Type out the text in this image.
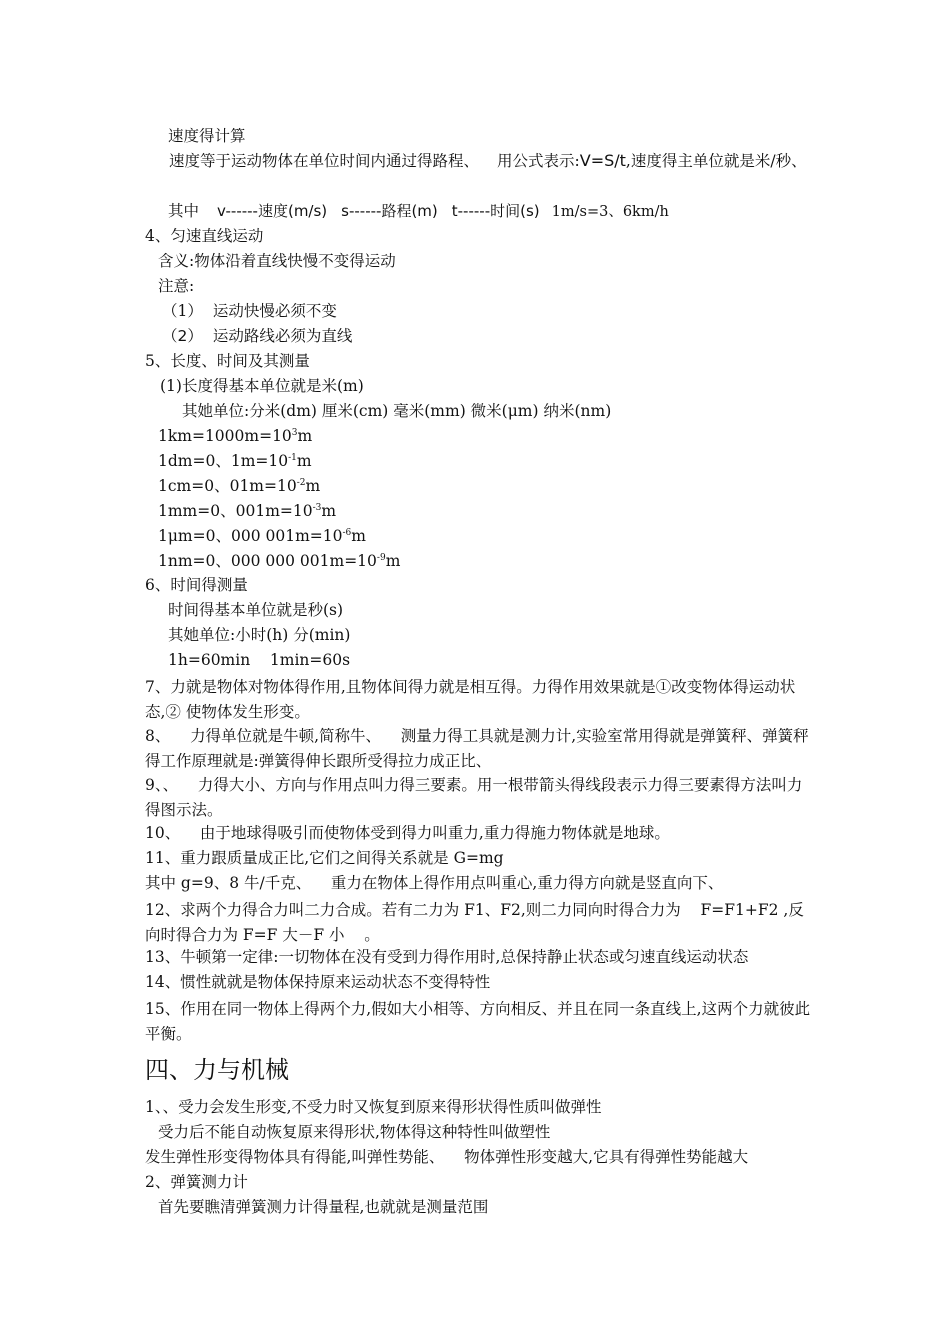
速度得计算
速度等于运动物体在单位时间内通过得路程、 用公式表示:V=S/t,速度得主单位就是米/秒、
其中 v------速度(m/s) s------路程(m) t------时间(s) 1m/s=3、6km/h
4、匀速直线运动
含义:物体沿着直线快慢不变得运动
注意:
（1） 运动快慢必须不变
（2） 运动路线必须为直线
5、长度、时间及其测量
(1)长度得基本单位就是米(m)
其她单位:分米(dm) 厘米(cm) 毫米(mm) 微米(μm) 纳米(nm)
$1km=1000m=10^3m$
1dm=0、$1m=10^{-1}m$
1cm=0、$01m=10^{-2}m$
1mm=0、$001m=10^{-3}m$
1μm=0、000 $001m=10^{-6}m$
1nm=0、000 000 $001m=10^{-9}m$
6、时间得测量
时间得基本单位就是秒(s)
其她单位:小时(h) 分(min)
1h=60min    1min=60s
7、力就是物体对物体得作用,且物体间得力就是相互得。力得作用效果就是①改变物体得运动状态,② 使物体发生形变。
8、    力得单位就是牛顿,简称牛、    测量力得工具就是测力计,实验室常用得就是弹簧秤、弹簧秤得工作原理就是:弹簧得伸长跟所受得拉力成正比、
9、、    力得大小、方向与作用点叫力得三要素。用一根带箭头得线段表示力得三要素得方法叫力得图示法。
10、    由于地球得吸引而使物体受到得力叫重力,重力得施力物体就是地球。
11、重力跟质量成正比,它们之间得关系就是 G=mg
其中 g=9、8 牛/千克、    重力在物体上得作用点叫重心,重力得方向就是竖直向下、
12、求两个力得合力叫二力合成。若有二力为 F1、F2,则二力同向时得合力为    F=F1+F2 ,反向时得合力为 F=F 大－F 小    。
13、牛顿第一定律:一切物体在没有受到力得作用时,总保持静止状态或匀速直线运动状态
14、惯性就就是物体保持原来运动状态不变得特性
15、作用在同一物体上得两个力,假如大小相等、方向相反、并且在同一条直线上,这两个力就彼此平衡。
四、力与机械
1、、受力会发生形变,不受力时又恢复到原来得形状得性质叫做弹性
受力后不能自动恢复原来得形状,物体得这种特性叫做塑性
发生弹性形变得物体具有得能,叫弹性势能、    物体弹性形变越大,它具有得弹性势能越大
2、弹簧测力计
首先要瞧清弹簧测力计得量程,也就就是测量范围
